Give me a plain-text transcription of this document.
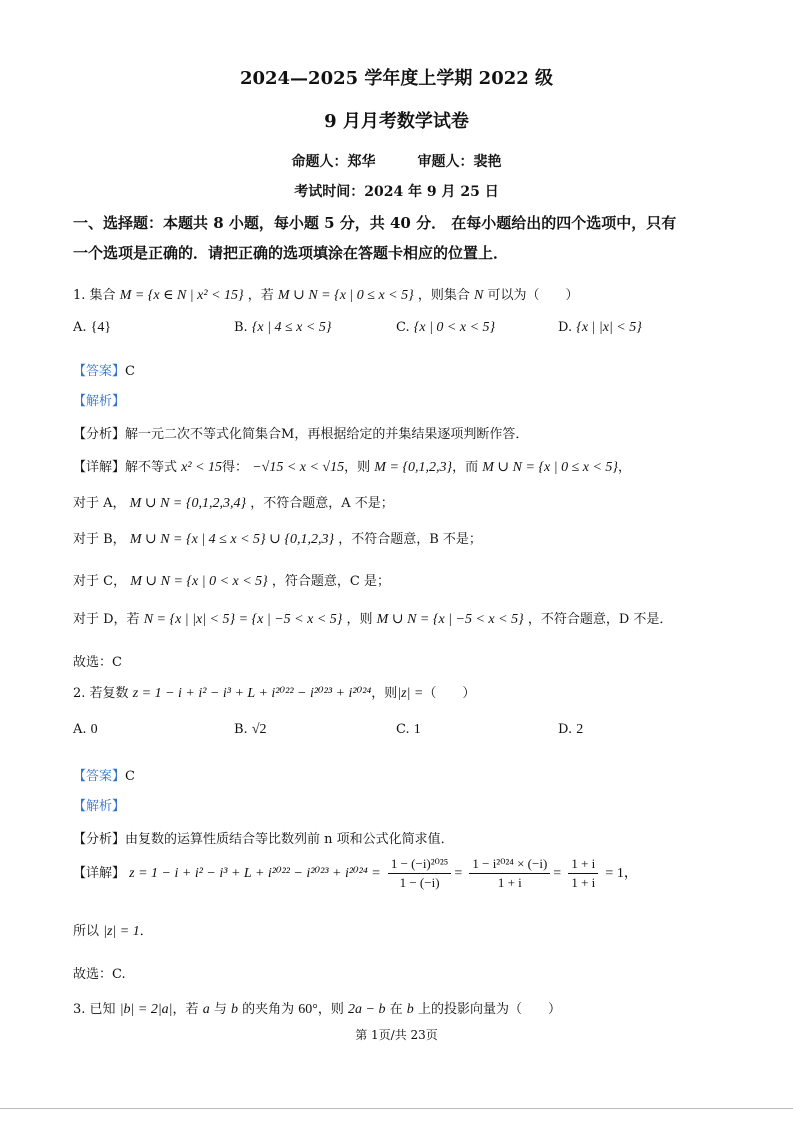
2024—2025 学年度上学期 2022 级
9 月月考数学试卷
命题人：郑华　　　审题人：裴艳
考试时间：2024 年 9 月 25 日
一、选择题：本题共 8 小题，每小题 5 分，共 40 分． 在每小题给出的四个选项中，只有
一个选项是正确的．请把正确的选项填涂在答题卡相应的位置上．
1. 集合 M = {x ∈ N | x² < 15} ，若 M ∪ N = {x | 0 ≤ x < 5} ，则集合 N 可以为（　　）
A. {4}	B. {x | 4 ≤ x < 5}	C. {x | 0 < x < 5}	D. {x | |x| < 5}
【答案】C
【解析】
【分析】解一元二次不等式化简集合M，再根据给定的并集结果逐项判断作答．
【详解】解不等式 x² < 15得： −√15 < x < √15，则 M = {0,1,2,3}，而 M ∪ N = {x | 0 ≤ x < 5}，
对于 A， M ∪ N = {0,1,2,3,4} ，不符合题意，A 不是；
对于 B， M ∪ N = {x | 4 ≤ x < 5} ∪ {0,1,2,3} ，不符合题意，B 不是；
对于 C， M ∪ N = {x | 0 < x < 5} ，符合题意，C 是；
对于 D，若 N = {x | |x| < 5} = {x | −5 < x < 5} ，则 M ∪ N = {x | −5 < x < 5} ，不符合题意，D 不是．
故选：C
2. 若复数 z = 1 − i + i² − i³ + L + i²⁰²² − i²⁰²³ + i²⁰²⁴，则|z| =（　　）
A. 0	B. √2	C. 1	D. 2
【答案】C
【解析】
【分析】由复数的运算性质结合等比数列前 n 项和公式化简求值．
【详解】 $z = 1 - i + i^2 - i^3 + L + i^{2022} - i^{2023} + i^{2024} = \frac{\text{1 − (−i)²⁰²⁵}}{1 - (-i)} = \frac{\text{1 − i²⁰²⁴ × (−i)}}{1 + i} = \frac{1 + i}{1 + i} = 1$，
所以 |z| = 1．
故选：C.
3. 已知 |b| = 2|a|，若 a 与 b 的夹角为 60°，则 2a − b 在 b 上的投影向量为（　　）
第 1页/共 23页
